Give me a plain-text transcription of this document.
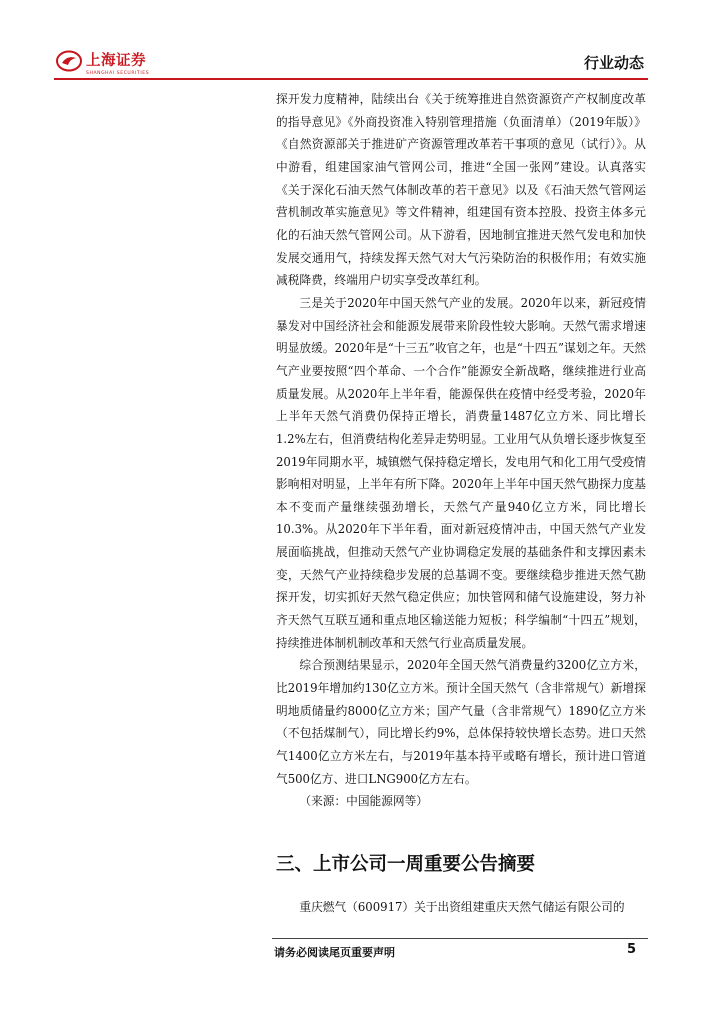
上海证券
SHANGHAI SECURITIES
行业动态

探开发力度精神，陆续出台《关于统筹推进自然资源资产产权制度改革的指导意见》《外商投资准入特别管理措施（负面清单）（2019年版）》《自然资源部关于推进矿产资源管理改革若干事项的意见（试行）》。从中游看，组建国家油气管网公司，推进“全国一张网”建设。认真落实《关于深化石油天然气体制改革的若干意见》以及《石油天然气管网运营机制改革实施意见》等文件精神，组建国有资本控股、投资主体多元化的石油天然气管网公司。从下游看，因地制宜推进天然气发电和加快发展交通用气，持续发挥天然气对大气污染防治的积极作用；有效实施减税降费，终端用户切实享受改革红利。

三是关于2020年中国天然气产业的发展。2020年以来，新冠疫情暴发对中国经济社会和能源发展带来阶段性较大影响。天然气需求增速明显放缓。2020年是“十三五”收官之年，也是“十四五”谋划之年。天然气产业要按照“四个革命、一个合作”能源安全新战略，继续推进行业高质量发展。从2020年上半年看，能源保供在疫情中经受考验，2020年上半年天然气消费仍保持正增长，消费量1487亿立方米、同比增长1.2%左右，但消费结构化差异走势明显。工业用气从负增长逐步恢复至2019年同期水平，城镇燃气保持稳定增长，发电用气和化工用气受疫情影响相对明显，上半年有所下降。2020年上半年中国天然气勘探力度基本不变而产量继续强劲增长，天然气产量940亿立方米，同比增长10.3%。从2020年下半年看，面对新冠疫情冲击，中国天然气产业发展面临挑战，但推动天然气产业协调稳定发展的基础条件和支撑因素未变，天然气产业持续稳步发展的总基调不变。要继续稳步推进天然气勘探开发，切实抓好天然气稳定供应；加快管网和储气设施建设，努力补齐天然气互联互通和重点地区输送能力短板；科学编制“十四五”规划，持续推进体制机制改革和天然气行业高质量发展。

综合预测结果显示，2020年全国天然气消费量约3200亿立方米，比2019年增加约130亿立方米。预计全国天然气（含非常规气）新增探明地质储量约8000亿立方米；国产气量（含非常规气）1890亿立方米（不包括煤制气），同比增长约9%，总体保持较快增长态势。进口天然气1400亿立方米左右，与2019年基本持平或略有增长，预计进口管道气500亿方、进口LNG900亿方左右。

（来源：中国能源网等）

三、上市公司一周重要公告摘要

重庆燃气（600917）关于出资组建重庆天然气储运有限公司的

请务必阅读尾页重要声明	5
